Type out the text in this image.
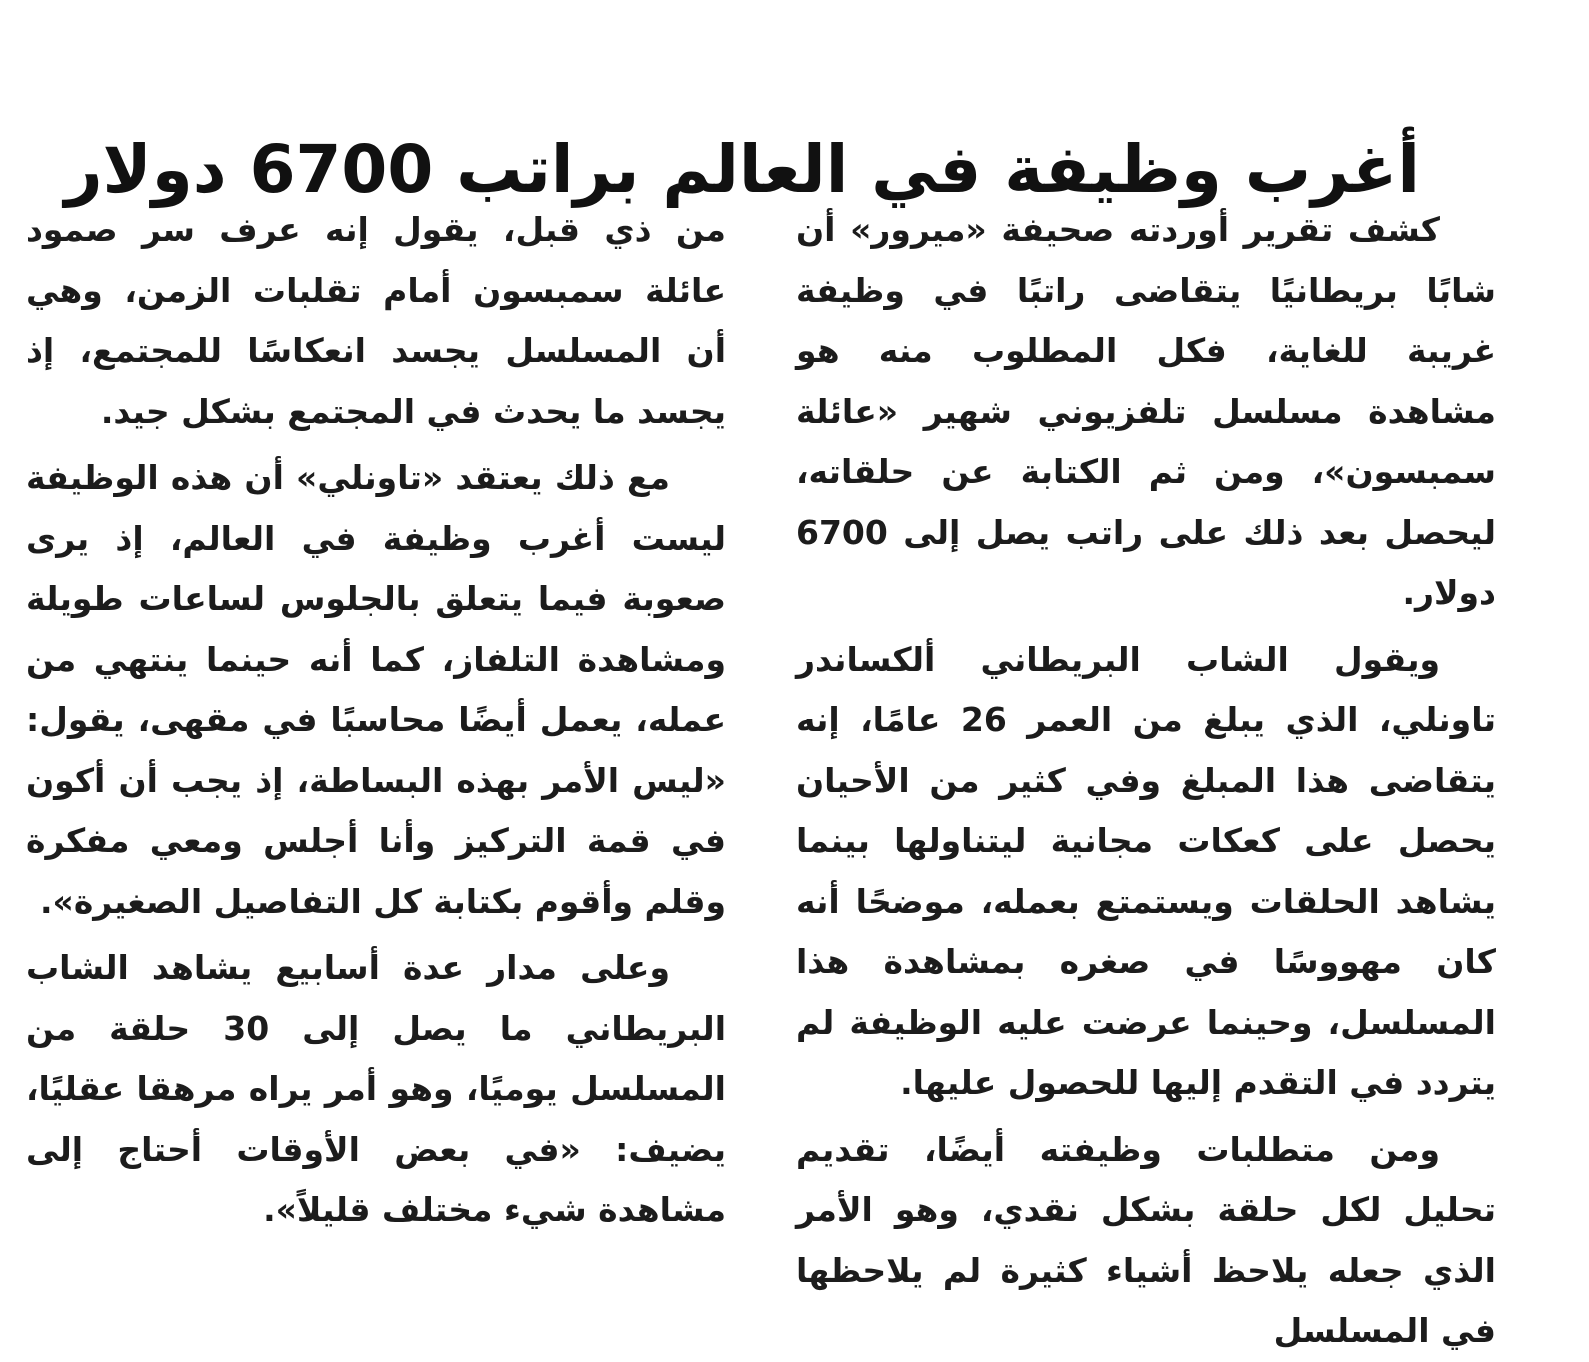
أغرب وظيفة في العالم براتب 6700 دولار

كشف تقرير أوردته صحيفة «ميرور» أن شابًا بريطانيًا يتقاضى راتبًا في وظيفة غريبة للغاية، فكل المطلوب منه هو مشاهدة مسلسل تلفزيوني شهير «عائلة سمبسون»، ومن ثم الكتابة عن حلقاته، ليحصل بعد ذلك على راتب يصل إلى 6700 دولار.

ويقول الشاب البريطاني ألكساندر تاونلي، الذي يبلغ من العمر 26 عامًا، إنه يتقاضى هذا المبلغ وفي كثير من الأحيان يحصل على كعكات مجانية ليتناولها بينما يشاهد الحلقات ويستمتع بعمله، موضحًا أنه كان مهووسًا في صغره بمشاهدة هذا المسلسل، وحينما عرضت عليه الوظيفة لم يتردد في التقدم إليها للحصول عليها.

ومن متطلبات وظيفته أيضًا، تقديم تحليل لكل حلقة بشكل نقدي، وهو الأمر الذي جعله يلاحظ أشياء كثيرة لم يلاحظها في المسلسل

من ذي قبل، يقول إنه عرف سر صمود عائلة سمبسون أمام تقلبات الزمن، وهي أن المسلسل يجسد انعكاسًا للمجتمع، إذ يجسد ما يحدث في المجتمع بشكل جيد.

مع ذلك يعتقد «تاونلي» أن هذه الوظيفة ليست أغرب وظيفة في العالم، إذ يرى صعوبة فيما يتعلق بالجلوس لساعات طويلة ومشاهدة التلفاز، كما أنه حينما ينتهي من عمله، يعمل أيضًا محاسبًا في مقهى، يقول: «ليس الأمر بهذه البساطة، إذ يجب أن أكون في قمة التركيز وأنا أجلس ومعي مفكرة وقلم وأقوم بكتابة كل التفاصيل الصغيرة».

وعلى مدار عدة أسابيع يشاهد الشاب البريطاني ما يصل إلى 30 حلقة من المسلسل يوميًا، وهو أمر يراه مرهقا عقليًا، يضيف: «في بعض الأوقات أحتاج إلى مشاهدة شيء مختلف قليلاً».
